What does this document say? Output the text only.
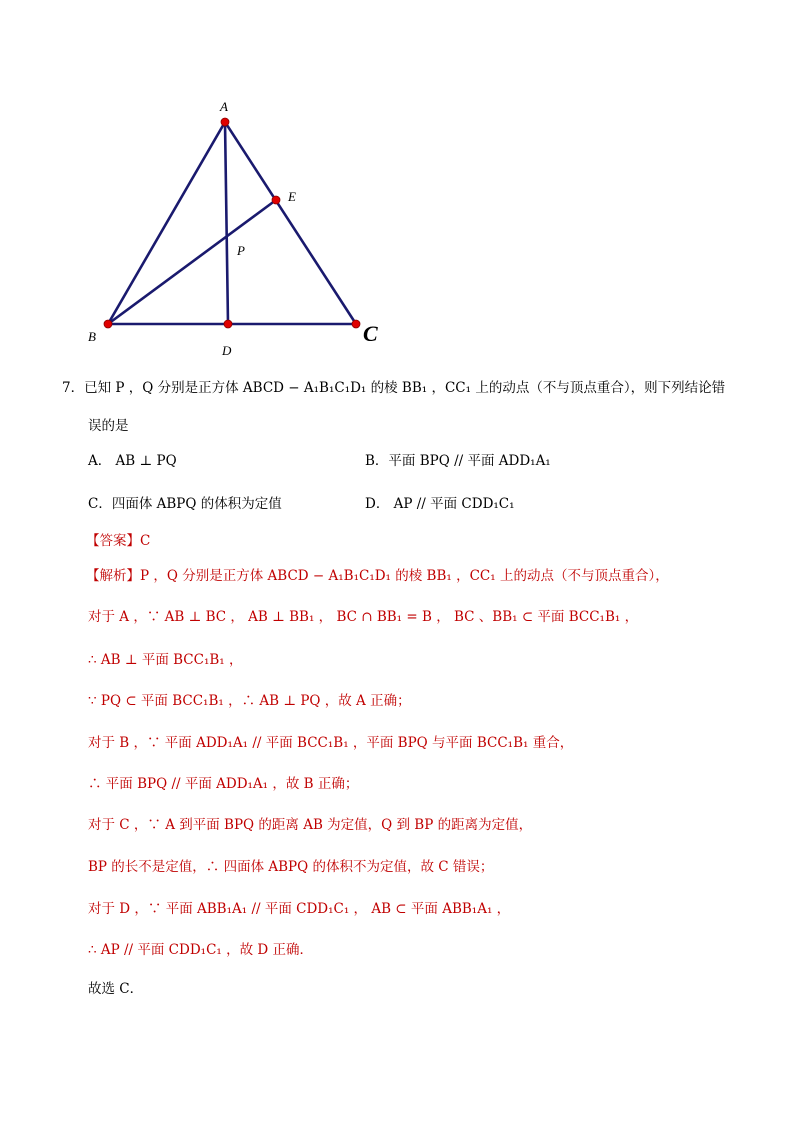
A
B	C
D
E
P
7．已知 P ，Q 分别是正方体 ABCD − A₁B₁C₁D₁ 的棱 BB₁ ，CC₁ 上的动点（不与顶点重合），则下列结论错
误的是
A． AB ⊥ PQ	B．平面 BPQ // 平面 ADD₁A₁
C．四面体 ABPQ 的体积为定值	D． AP // 平面 CDD₁C₁
【答案】C
【解析】P ，Q 分别是正方体 ABCD − A₁B₁C₁D₁ 的棱 BB₁ ，CC₁ 上的动点（不与顶点重合），
对于 A ，∵ AB ⊥ BC ， AB ⊥ BB₁ ， BC ∩ BB₁ = B ， BC 、BB₁ ⊂ 平面 BCC₁B₁ ，
∴ AB ⊥ 平面 BCC₁B₁ ，
∵ PQ ⊂ 平面 BCC₁B₁ ，∴ AB ⊥ PQ ，故 A 正确；
对于 B ，∵ 平面 ADD₁A₁ // 平面 BCC₁B₁ ，平面 BPQ 与平面 BCC₁B₁ 重合，
∴ 平面 BPQ // 平面 ADD₁A₁ ，故 B 正确；
对于 C ，∵ A 到平面 BPQ 的距离 AB 为定值，Q 到 BP 的距离为定值，
BP 的长不是定值，∴ 四面体 ABPQ 的体积不为定值，故 C 错误；
对于 D ，∵ 平面 ABB₁A₁ // 平面 CDD₁C₁ ， AB ⊂ 平面 ABB₁A₁ ，
∴ AP // 平面 CDD₁C₁ ，故 D 正确．
故选 C．
